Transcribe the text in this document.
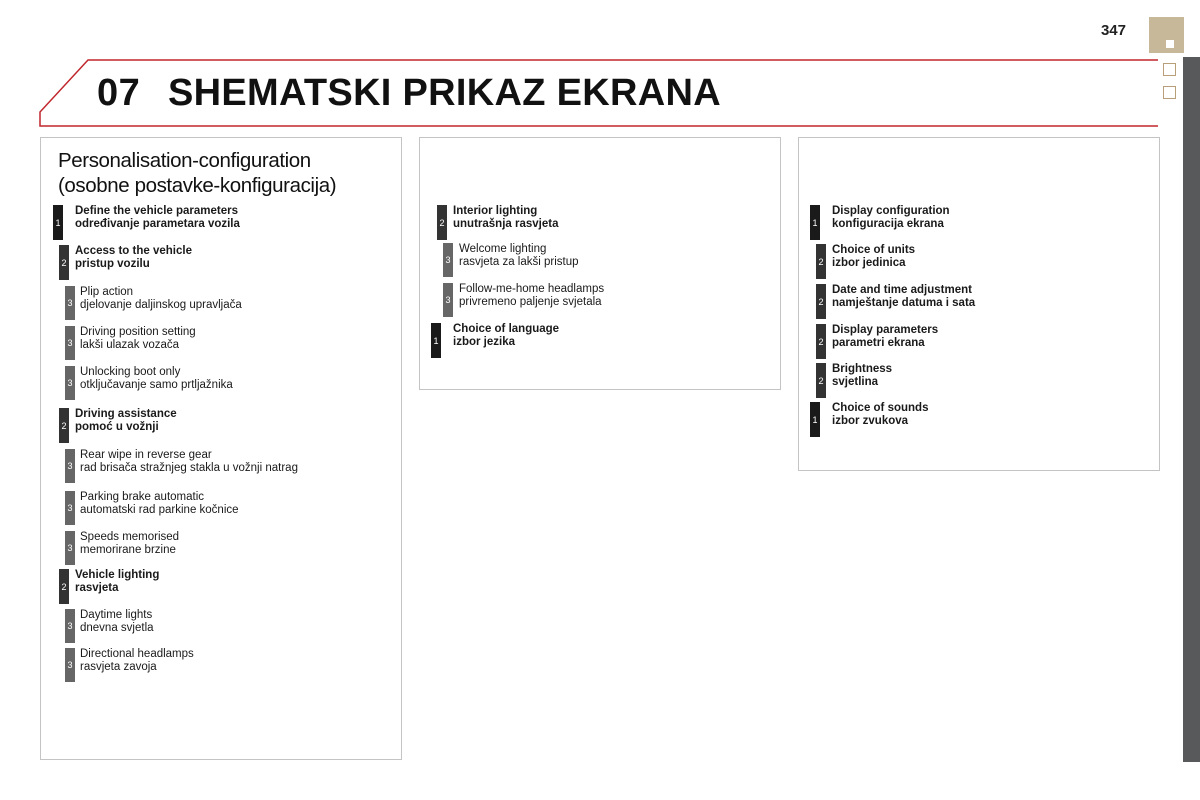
347
07 SHEMATSKI PRIKAZ EKRANA
Personalisation-configuration
(osobne postavke-konfiguracija)
1
Define the vehicle parameters
određivanje parametara vozila
2
Access to the vehicle
pristup vozilu
3
Plip action
djelovanje daljinskog upravljača
3
Driving position setting
lakši ulazak vozača
3
Unlocking boot only
otključavanje samo prtljažnika
2
Driving assistance
pomoć u vožnji
3
Rear wipe in reverse gear
rad brisača stražnjeg stakla u vožnji natrag
3
Parking brake automatic
automatski rad parkine kočnice
3
Speeds memorised
memorirane brzine
2
Vehicle lighting
rasvjeta
3
Daytime lights
dnevna svjetla
3
Directional headlamps
rasvjeta zavoja
2
Interior lighting
unutrašnja rasvjeta
3
Welcome lighting
rasvjeta za lakši pristup
3
Follow-me-home headlamps
privremeno paljenje svjetala
1
Choice of language
izbor jezika
1
Display configuration
konfiguracija ekrana
2
Choice of units
izbor jedinica
2
Date and time adjustment
namještanje datuma i sata
2
Display parameters
parametri ekrana
2
Brightness
svjetlina
1
Choice of sounds
izbor zvukova
